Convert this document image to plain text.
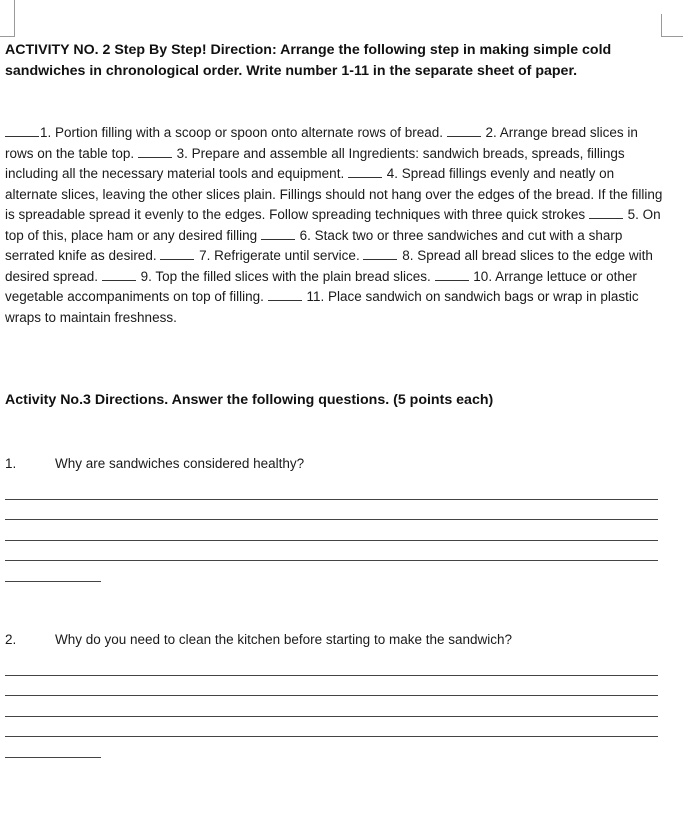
ACTIVITY NO. 2 Step By Step! Direction: Arrange the following step in making simple cold
sandwiches in chronological order. Write number 1-11 in the separate sheet of paper.

1. Portion filling with a scoop or spoon onto alternate rows of bread.	2. Arrange bread slices in rows on the table top.	3. Prepare and assemble all Ingredients: sandwich breads, spreads, fillings including all the necessary material tools and equipment.	4. Spread fillings evenly and neatly on alternate slices, leaving the other slices plain. Fillings should not hang over the edges of the bread. If the filling is spreadable spread it evenly to the edges. Follow spreading techniques with three quick strokes	5. On top of this, place ham or any desired filling	6. Stack two or three sandwiches and cut with a sharp serrated knife as desired.	7. Refrigerate until service.	8. Spread all bread slices to the edge with desired spread.	9. Top the filled slices with the plain bread slices.	10. Arrange lettuce or other vegetable accompaniments on top of filling.	11. Place sandwich on sandwich bags or wrap in plastic wraps to maintain freshness.

Activity No.3 Directions. Answer the following questions. (5 points each)
1.	Why are sandwiches considered healthy?
2.	Why do you need to clean the kitchen before starting to make the sandwich?
